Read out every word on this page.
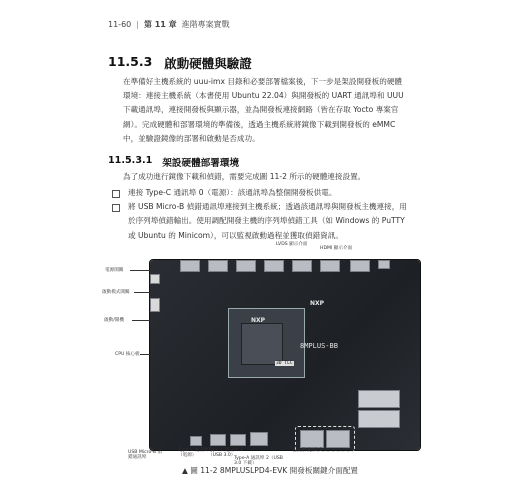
11-60 | 第 11 章 進階專案實戰
11.5.3 啟動硬體與驗證
在準備好主機系統的 uuu-imx 目錄和必要部署檔案後，下一步是架設開發板的硬體環境：連接主機系統（本書使用 Ubuntu 22.04）與開發板的 UART 通訊埠和 UUU 下載通訊埠，連接開發板與顯示器，並為開發板連接網路（皆在存取 Yocto 專案官網）。完成硬體和部署環境的準備後，透過主機系統將鏡像下載到開發板的 eMMC 中，並驗證鏡像的部署和啟動是否成功。
11.5.3.1 架設硬體部署環境
為了成功進行鏡像下載和偵錯，需要完成圖 11-2 所示的硬體連接設置。
連接 Type-C 通訊埠 0（電源）：該通訊埠為整個開發板供電。
將 USB Micro-B 偵錯通訊埠連接到主機系統；透過該通訊埠與開發板主機連接，用於序列埠偵錯輸出。使用調配開發主機的序列埠偵錯工具（如 Windows 的 PuTTY 或 Ubuntu 的 Minicom），可以監視啟動過程並獲取偵錯資訊。
NXP
3D TLC
NXP
8MPLUS-BB
電源開關
啟動模式開關
啟動/開機
CPU 核心板
LVDS 顯示介面
HDMI 顯示介面
USB Micro-B 偵錯通訊埠
Type-C 通訊埠 0（電源）
Type-C 通訊埠 1（USB 3.0）
Type-A 通訊埠 2（USB 3.0 下載）
乙太網 RJ45-2
▲ 圖 11-2 8MPLUSLPD4-EVK 開發板關鍵介面配置
